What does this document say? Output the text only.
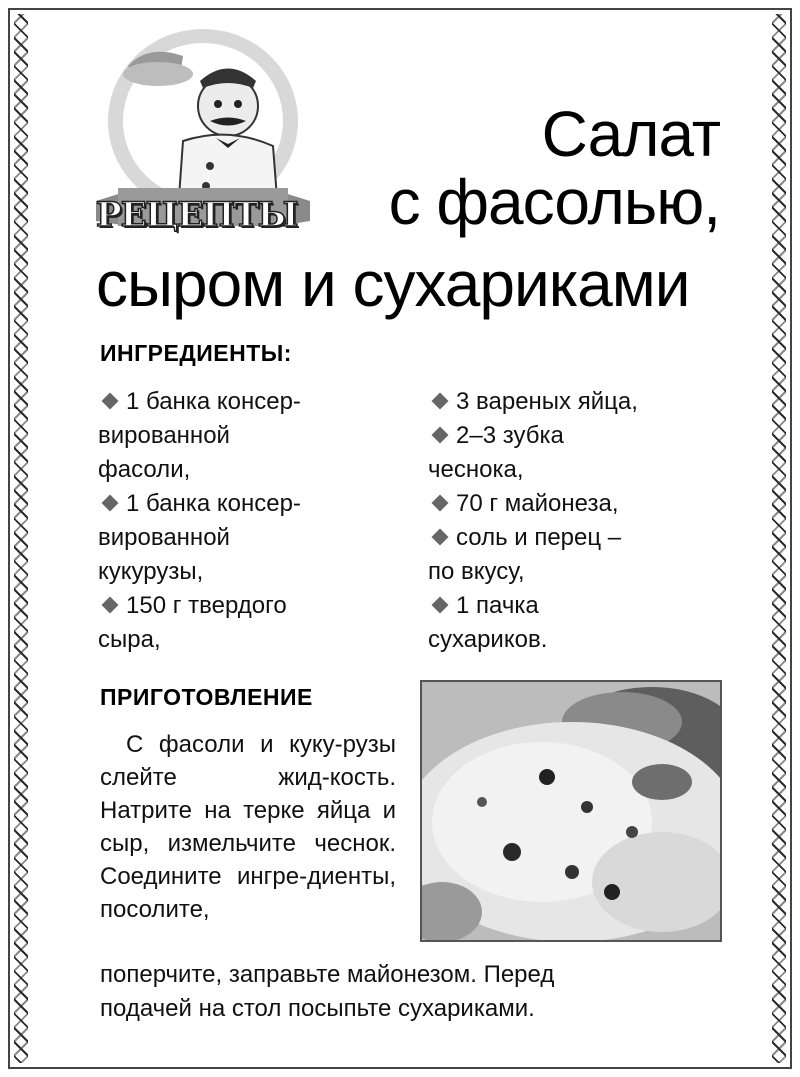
РЕЦЕПТЫ
Салат
с фасолью,
сыром и сухариками
ИНГРЕДИЕНТЫ:
1 банка консер-
вированной
фасоли,
1 банка консер-
вированной
кукурузы,
150 г твердого
сыра,
3 вареных яйца,
2–3 зубка
чеснока,
70 г майонеза,
соль и перец –
по вкусу,
1 пачка
сухариков.
ПРИГОТОВЛЕНИЕ

С фасоли и куку-рузы слейте жид-кость. Натрите на терке яйца и сыр, измельчите чеснок. Соедините ингре-диенты, посолите,

поперчите, заправьте майонезом. Перед
подачей на стол посыпьте сухариками.
